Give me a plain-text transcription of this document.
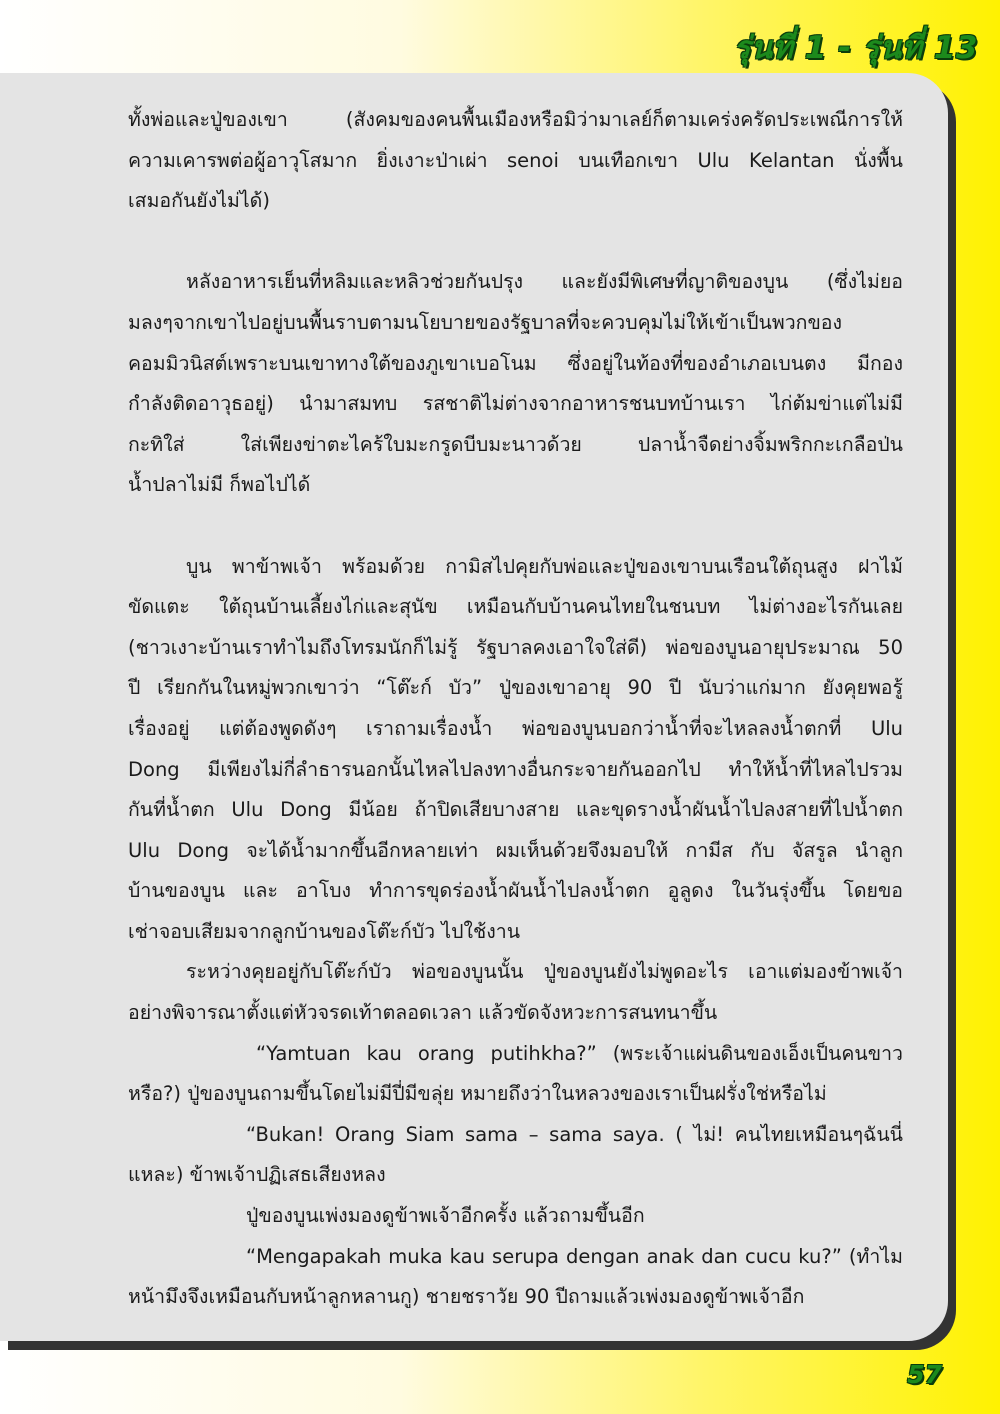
รุ่นที่ 1 - รุ่นที่ 13

ทั้งพ่อและปู่ของเขา (สังคมของคนพื้นเมืองหรือมิว่ามาเลย์ก็ตามเคร่งครัดประเพณีการให้

ความเคารพต่อผู้อาวุโสมาก ยิ่งเงาะป่าเผ่า senoi บนเทือกเขา Ulu Kelantan นั่งพื้น

เสมอกันยังไม่ได้)

หลังอาหารเย็นที่หลิมและหลิวช่วยกันปรุง และยังมีพิเศษที่ญาติของบูน (ซึ่งไม่ยอ

มลงๆจากเขาไปอยู่บนพื้นราบตามนโยบายของรัฐบาลที่จะควบคุมไม่ให้เข้าเป็นพวกของ

คอมมิวนิสต์เพราะบนเขาทางใต้ของภูเขาเบอโนม ซึ่งอยู่ในท้องที่ของอำเภอเบนตง มีกอง

กำลังติดอาวุธอยู่) นำมาสมทบ รสชาติไม่ต่างจากอาหารชนบทบ้านเรา ไก่ต้มข่าแต่ไม่มี

กะทิใส่ ใส่เพียงข่าตะไคร้ใบมะกรูดบีบมะนาวด้วย ปลาน้ำจืดย่างจิ้มพริกกะเกลือป่น

น้ำปลาไม่มี ก็พอไปได้

บูน พาข้าพเจ้า พร้อมด้วย กามิสไปคุยกับพ่อและปู่ของเขาบนเรือนใต้ถุนสูง ฝาไม้

ขัดแตะ ใต้ถุนบ้านเลี้ยงไก่และสุนัข เหมือนกับบ้านคนไทยในชนบท ไม่ต่างอะไรกันเลย

(ชาวเงาะบ้านเราทำไมถึงโทรมนักก็ไม่รู้ รัฐบาลคงเอาใจใส่ดี) พ่อของบูนอายุประมาณ 50

ปี เรียกกันในหมู่พวกเขาว่า “โต๊ะก์ บัว” ปู่ของเขาอายุ 90 ปี นับว่าแก่มาก ยังคุยพอรู้

เรื่องอยู่ แต่ต้องพูดดังๆ เราถามเรื่องน้ำ พ่อของบูนบอกว่าน้ำที่จะไหลลงน้ำตกที่ Ulu

Dong มีเพียงไม่กี่ลำธารนอกนั้นไหลไปลงทางอื่นกระจายกันออกไป ทำให้น้ำที่ไหลไปรวม

กันที่น้ำตก Ulu Dong มีน้อย ถ้าปิดเสียบางสาย และขุดรางน้ำผันน้ำไปลงสายที่ไปน้ำตก

Ulu Dong จะได้น้ำมากขึ้นอีกหลายเท่า ผมเห็นด้วยจึงมอบให้ กามีส กับ จัสรูล นำลูก

บ้านของบูน และ อาโบง ทำการขุดร่องน้ำผันน้ำไปลงน้ำตก อูลูดง ในวันรุ่งขึ้น โดยขอ

เช่าจอบเสียมจากลูกบ้านของโต๊ะก์บัว ไปใช้งาน

ระหว่างคุยอยู่กับโต๊ะก์บัว พ่อของบูนนั้น ปู่ของบูนยังไม่พูดอะไร เอาแต่มองข้าพเจ้า

อย่างพิจารณาตั้งแต่หัวจรดเท้าตลอดเวลา แล้วขัดจังหวะการสนทนาขึ้น

“Yamtuan kau orang putihkha?” (พระเจ้าแผ่นดินของเอ็งเป็นคนขาว

หรือ?) ปู่ของบูนถามขึ้นโดยไม่มีปี่มีขลุ่ย หมายถึงว่าในหลวงของเราเป็นฝรั่งใช่หรือไม่

“Bukan! Orang Siam sama – sama saya. ( ไม่! คนไทยเหมือนๆฉันนี่

แหละ) ข้าพเจ้าปฏิเสธเสียงหลง

ปู่ของบูนเพ่งมองดูข้าพเจ้าอีกครั้ง แล้วถามขึ้นอีก

“Mengapakah muka kau serupa dengan anak dan cucu ku?” (ทำไม

หน้ามึงจึงเหมือนกับหน้าลูกหลานกู) ชายชราวัย 90 ปีถามแล้วเพ่งมองดูข้าพเจ้าอีก

57
